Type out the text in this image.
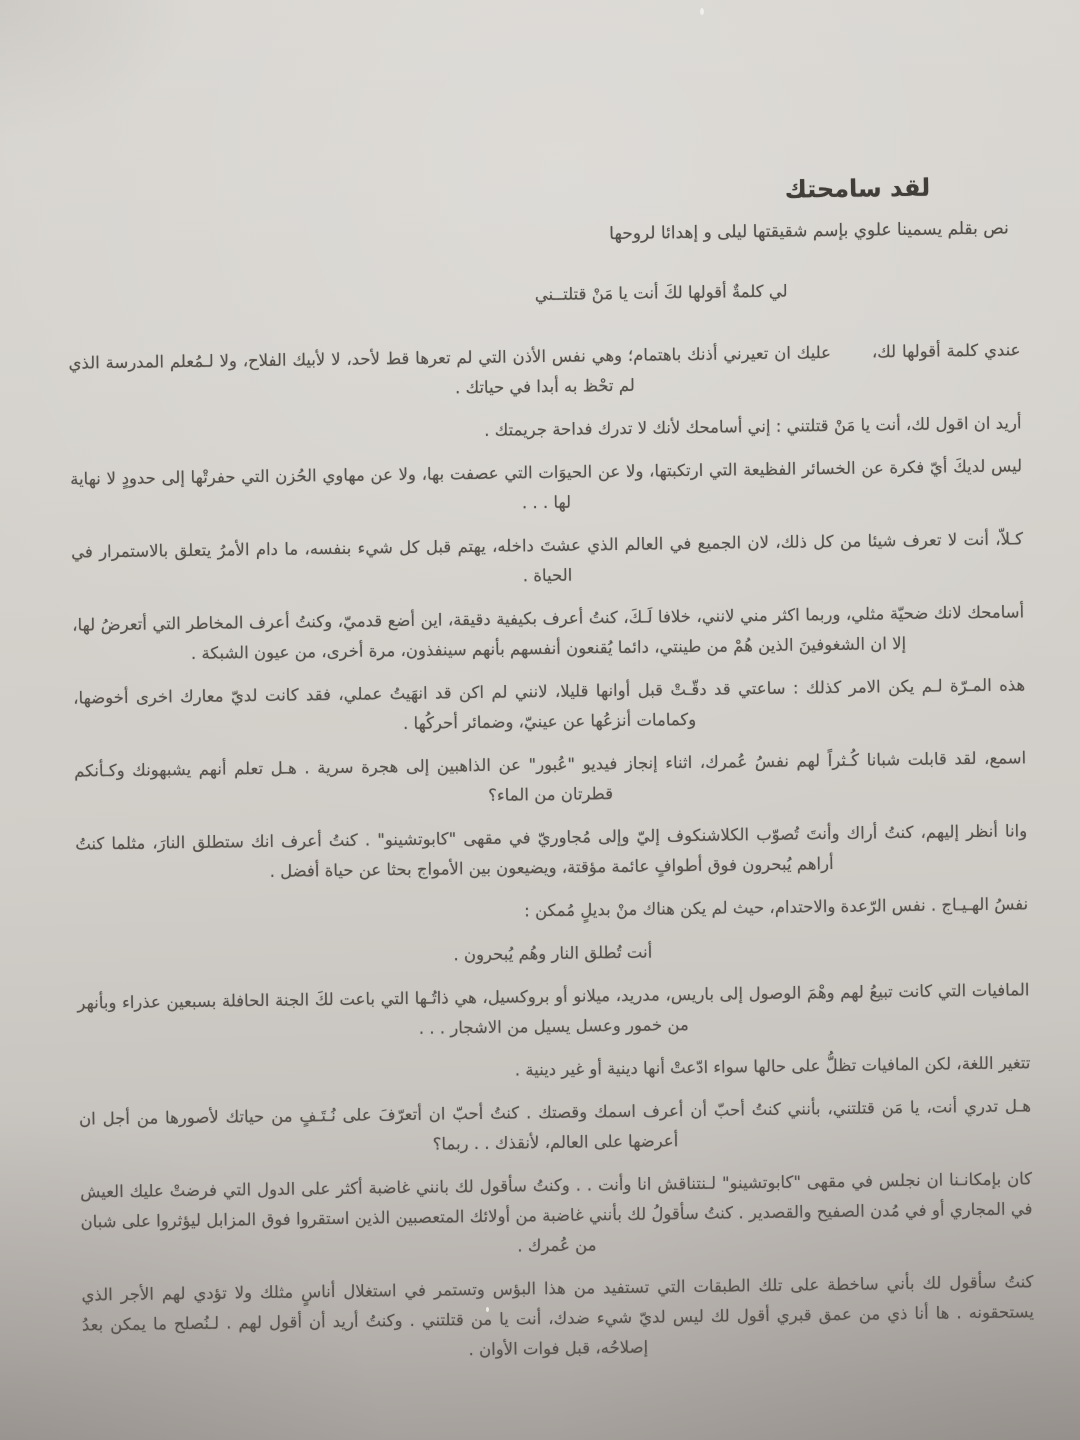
لقد سامحتك

نص بقلم يسمينا علوي بإسم شقيقتها ليلى و إهدائا لروحها

لي كلمةٌ أقولها لكَ أنت يا مَنْ قتلتــني

عندي كلمة أقولها لك،       عليك ان تعيرني أذنك باهتمام؛ وهي نفس الأذن التي لم تعرها قط لأحد، لا لأبيك الفلاح، ولا لـمُعلم المدرسة الذي لم تحْظ به أبدا في حياتك .

أريد ان اقول لك، أنت يا مَنْ قتلتني : إني أسامحك لأنك لا تدرك فداحة جريمتك .

ليس لديكَ أيّ فكرة عن الخسائر الفظيعة التي ارتكبتها، ولا عن الحيوَات التي عصفت بها، ولا عن مهاوي الحُزن التي حفرتْها إلى حدودٍ لا نهاية لها . . .

كـلاّ، أنت لا تعرف شيئا من كل ذلك، لان الجميع في العالم الذي عشتَ داخله، يهتم قبل كل شيء بنفسه، ما دام الأمرُ يتعلق بالاستمرار في الحياة .

أسامحك لانك ضحيّة مثلي، وربما اكثر مني لانني، خلافا لَـكَ، كنتُ أعرف بكيفية دقيقة، اين أضع قدميّ، وكنتُ أعرف المخاطر التي أتعرضُ لها، إلا ان الشغوفينَ الذين هُمْ من طينتي، دائما يُقنعون أنفسهم بأنهم سينفذون، مرة أخرى، من عيون الشبكة .

هذه المـرّة لـم يكن الامر كذلك : ساعتي قد دقّـتْ قبل أوانها قليلا، لانني لم اكن قد انهَيتُ عملي، فقد كانت لديّ معارك اخرى أخوضها، وكمامات أنزعُها عن عينيّ، وضمائر أحركُها .

اسمع، لقد قابلت شبانا كُـثراً لهم نفسُ عُمرك، اثناء إنجاز فيديو "عُبور" عن الذاهبين إلى هجرة سرية . هـل تعلم أنهم يشبهونك وكـأنكم قطرتان من الماء؟

وانا أنظر إليهم، كنتُ أراك وأنتَ تُصوّب الكلاشنكوف إليّ وإلى مُجاوريّ في مقهى "كابوتشينو" . كنتُ أعرف انك ستطلق النارَ، مثلما كنتُ أراهم يُبحرون فوق أطوافٍ عائمة مؤقتة، ويضيعون بين الأمواج بحثا عن حياة أفضل .

نفسُ الهـيـاج . نفس الرّعدة والاحتدام، حيث لم يكن هناك منْ بديلٍ مُمكن :

أنت تُطلق النار وهُم يُبحرون .

المافيات التي كانت تبيعُ لهم وهْمَ الوصول إلى باريس، مدريد، ميلانو أو بروكسيل، هي ذاتُـها التي باعت لكَ الجنة الحافلة بسبعين عذراء وبأنهر من خمور وعسل يسيل من الاشجار . . .

تتغير اللغة، لكن المافيات تظلُّ على حالها سواء ادّعتْ أنها دينية أو غير دينية .

هـل تدري أنت، يا مَن قتلتني، بأنني كنتُ أحبّ أن أعرف اسمك وقصتك . كنتُ أحبّ ان أتعرّفَ على نُـتَـفٍ من حياتك لأصورها من أجل ان أعرضها على العالم، لأنقذك . . ربما؟

كان بإمكانـنا ان نجلس في مقهى "كابوتشينو" لـنتناقش انا وأنت . . وكنتُ سأقول لك بانني غاضبة أكثر على الدول التي فرضتْ عليك العيش في المجاري أو في مُدن الصفيح والقصدير . كنتُ سأقولُ لك بأنني غاضبة من أولائك المتعصبين الذين استقروا فوق المزابل ليؤثروا على شبان من عُمرك .

كنتُ سأقول لك بأني ساخطة على تلك الطبقات التي تستفيد من هذا البؤس وتستمر في استغلال أناسٍ مثلك ولا تؤدي لهم الأجر الذي يستحقونه . ها أنا ذي من عمق قبري أقول لك ليس لديّ شيء ضدك، أنت يا من قتلتني . وكنتُ أريد أن أقول لهم . لـنُصلح ما يمكن بعدُ إصلاحُه، قبل فوات الأوان .
